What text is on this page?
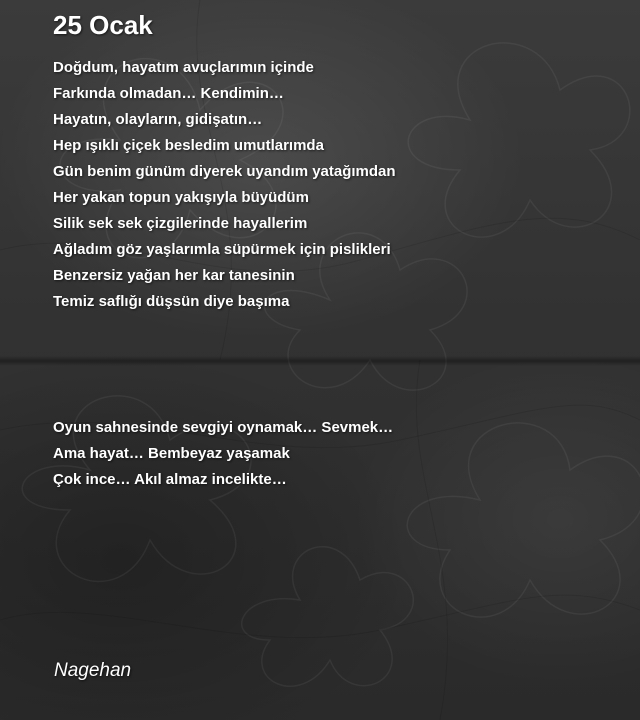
25 Ocak
Doğdum, hayatım avuçlarımın içinde
Farkında olmadan… Kendimin…
Hayatın, olayların, gidişatın…
Hep ışıklı çiçek besledim umutlarımda
Gün benim günüm diyerek uyandım yatağımdan
Her yakan topun yakışıyla büyüdüm
Silik sek sek çizgilerinde hayallerim
Ağladım göz yaşlarımla süpürmek için pislikleri
Benzersiz yağan her kar tanesinin
Temiz saflığı düşsün diye başıma
Oyun sahnesinde sevgiyi oynamak… Sevmek…
Ama hayat… Bembeyaz yaşamak
Çok ince… Akıl almaz incelikte…
Nagehan
